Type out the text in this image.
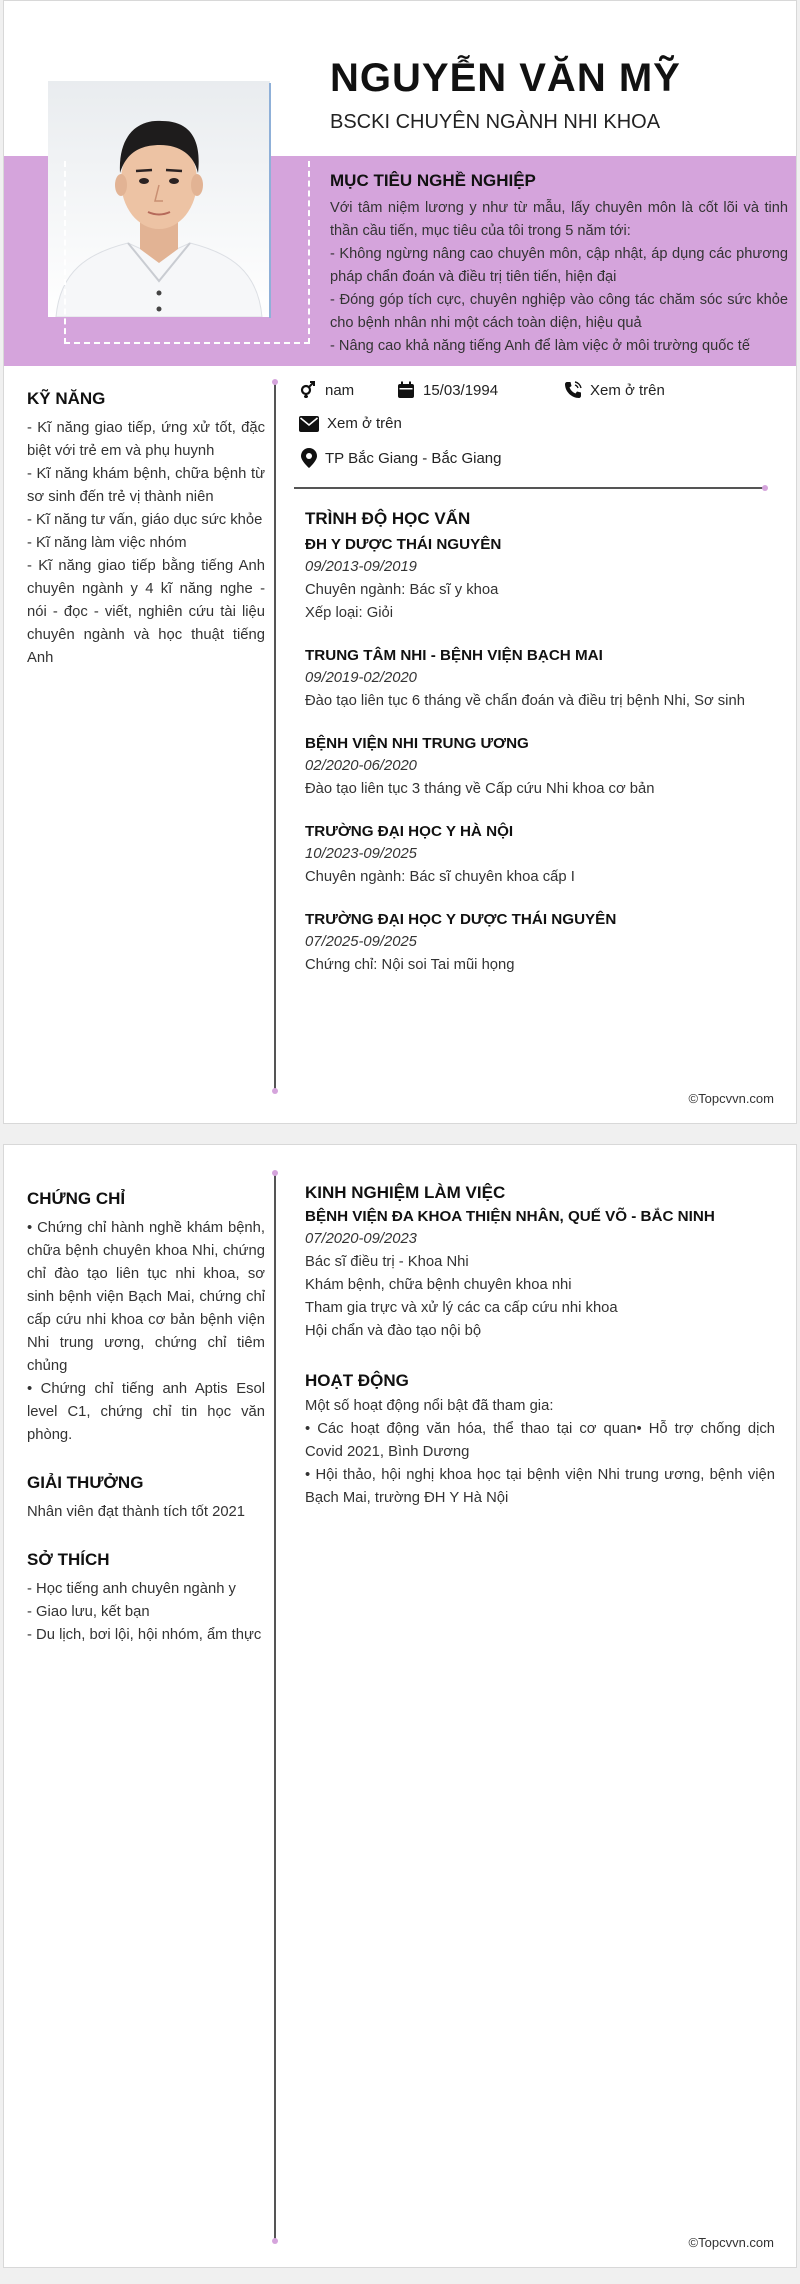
NGUYỄN VĂN MỸ
BSCKI CHUYÊN NGÀNH NHI KHOA
MỤC TIÊU NGHỀ NGHIỆP

Với tâm niệm lương y như từ mẫu, lấy chuyên môn là cốt lõi và tinh thần cầu tiến, mục tiêu của tôi trong 5 năm tới:

- Không ngừng nâng cao chuyên môn, cập nhật, áp dụng các phương pháp chẩn đoán và điều trị tiên tiến, hiện đại

- Đóng góp tích cực, chuyên nghiệp vào công tác chăm sóc sức khỏe cho bệnh nhân nhi một cách toàn diện, hiệu quả

- Nâng cao khả năng tiếng Anh để làm việc ở môi trường quốc tế

KỸ NĂNG
- Kĩ năng giao tiếp, ứng xử tốt, đặc biệt với trẻ em và phụ huynh
- Kĩ năng khám bệnh, chữa bệnh từ sơ sinh đến trẻ vị thành niên
- Kĩ năng tư vấn, giáo dục sức khỏe
- Kĩ năng làm việc nhóm
- Kĩ năng giao tiếp bằng tiếng Anh chuyên ngành y 4 kĩ năng nghe - nói - đọc - viết, nghiên cứu tài liệu chuyên ngành và học thuật tiếng Anh
nam	15/03/1994	Xem ở trên
Xem ở trên
TP Bắc Giang - Bắc Giang
TRÌNH ĐỘ HỌC VẤN
ĐH Y DƯỢC THÁI NGUYÊN
09/2013-09/2019
Chuyên ngành: Bác sĩ y khoa
Xếp loại: Giỏi
TRUNG TÂM NHI - BỆNH VIỆN BẠCH MAI
09/2019-02/2020
Đào tạo liên tục 6 tháng về chẩn đoán và điều trị bệnh Nhi, Sơ sinh
BỆNH VIỆN NHI TRUNG ƯƠNG
02/2020-06/2020
Đào tạo liên tục 3 tháng về Cấp cứu Nhi khoa cơ bản
TRƯỜNG ĐẠI HỌC Y HÀ NỘI
10/2023-09/2025
Chuyên ngành: Bác sĩ chuyên khoa cấp I
TRƯỜNG ĐẠI HỌC Y DƯỢC THÁI NGUYÊN
07/2025-09/2025
Chứng chỉ: Nội soi Tai mũi họng
©Topcvvn.com
CHỨNG CHỈ
• Chứng chỉ hành nghề khám bệnh, chữa bệnh chuyên khoa Nhi, chứng chỉ đào tạo liên tục nhi khoa, sơ sinh bệnh viện Bạch Mai, chứng chỉ cấp cứu nhi khoa cơ bản bệnh viện Nhi trung ương, chứng chỉ tiêm chủng
• Chứng chỉ tiếng anh Aptis Esol level C1, chứng chỉ tin học văn phòng.
GIẢI THƯỞNG
Nhân viên đạt thành tích tốt 2021
SỞ THÍCH
- Học tiếng anh chuyên ngành y
- Giao lưu, kết bạn
- Du lịch, bơi lội, hội nhóm, ẩm thực
KINH NGHIỆM LÀM VIỆC
BỆNH VIỆN ĐA KHOA THIỆN NHÂN, QUẾ VÕ - BẮC NINH
07/2020-09/2023
Bác sĩ điều trị - Khoa Nhi
Khám bệnh, chữa bệnh chuyên khoa nhi
Tham gia trực và xử lý các ca cấp cứu nhi khoa
Hội chẩn và đào tạo nội bộ
HOẠT ĐỘNG
Một số hoạt động nổi bật đã tham gia:
• Các hoạt động văn hóa, thể thao tại cơ quan• Hỗ trợ chống dịch Covid 2021, Bình Dương
• Hội thảo, hội nghị khoa học tại bệnh viện Nhi trung ương, bệnh viện Bạch Mai, trường ĐH Y Hà Nội
©Topcvvn.com
